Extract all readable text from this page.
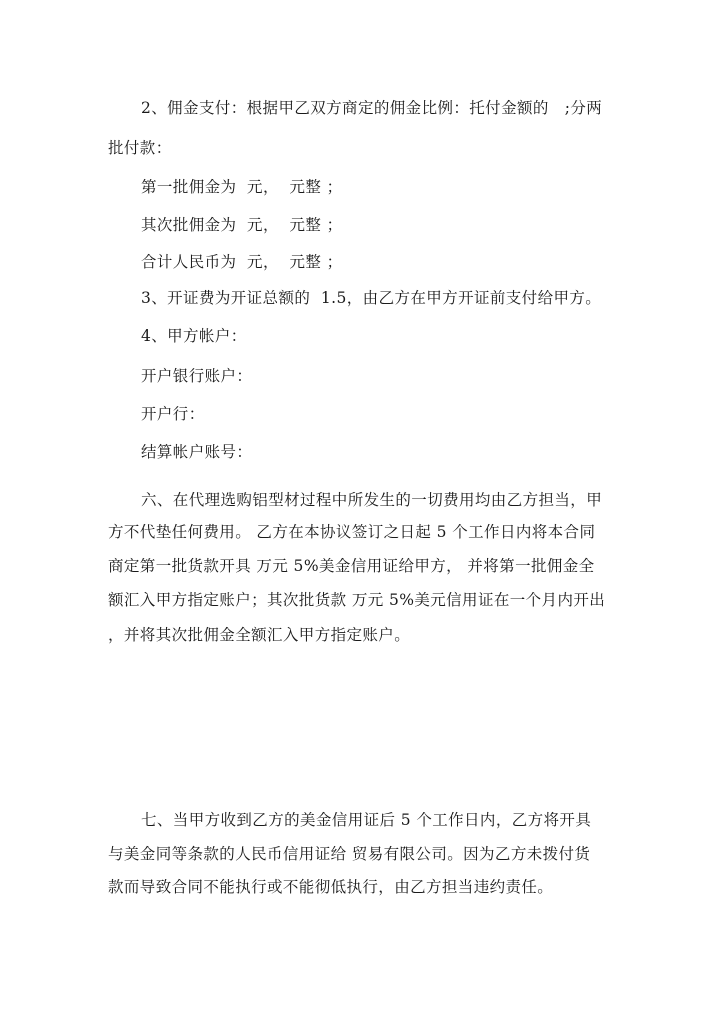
2、佣金支付：根据甲乙双方商定的佣金比例：托付金额的   ;分两
批付款：
第一批佣金为  元，  元整 ；
其次批佣金为  元，  元整 ；
合计人民币为  元，  元整 ；
3、开证费为开证总额的  1.5，由乙方在甲方开证前支付给甲方。
4、甲方帐户：
开户银行账户：
开户行：
结算帐户账号：
六、在代理选购铝型材过程中所发生的一切费用均由乙方担当，甲
方不代垫任何费用。 乙方在本协议签订之日起 5 个工作日内将本合同
商定第一批货款开具 万元 5%美金信用证给甲方， 并将第一批佣金全
额汇入甲方指定账户；其次批货款 万元 5%美元信用证在一个月内开出
，并将其次批佣金全额汇入甲方指定账户。
七、当甲方收到乙方的美金信用证后 5 个工作日内，乙方将开具
与美金同等条款的人民币信用证给 贸易有限公司。因为乙方未拨付货
款而导致合同不能执行或不能彻低执行，由乙方担当违约责任。
